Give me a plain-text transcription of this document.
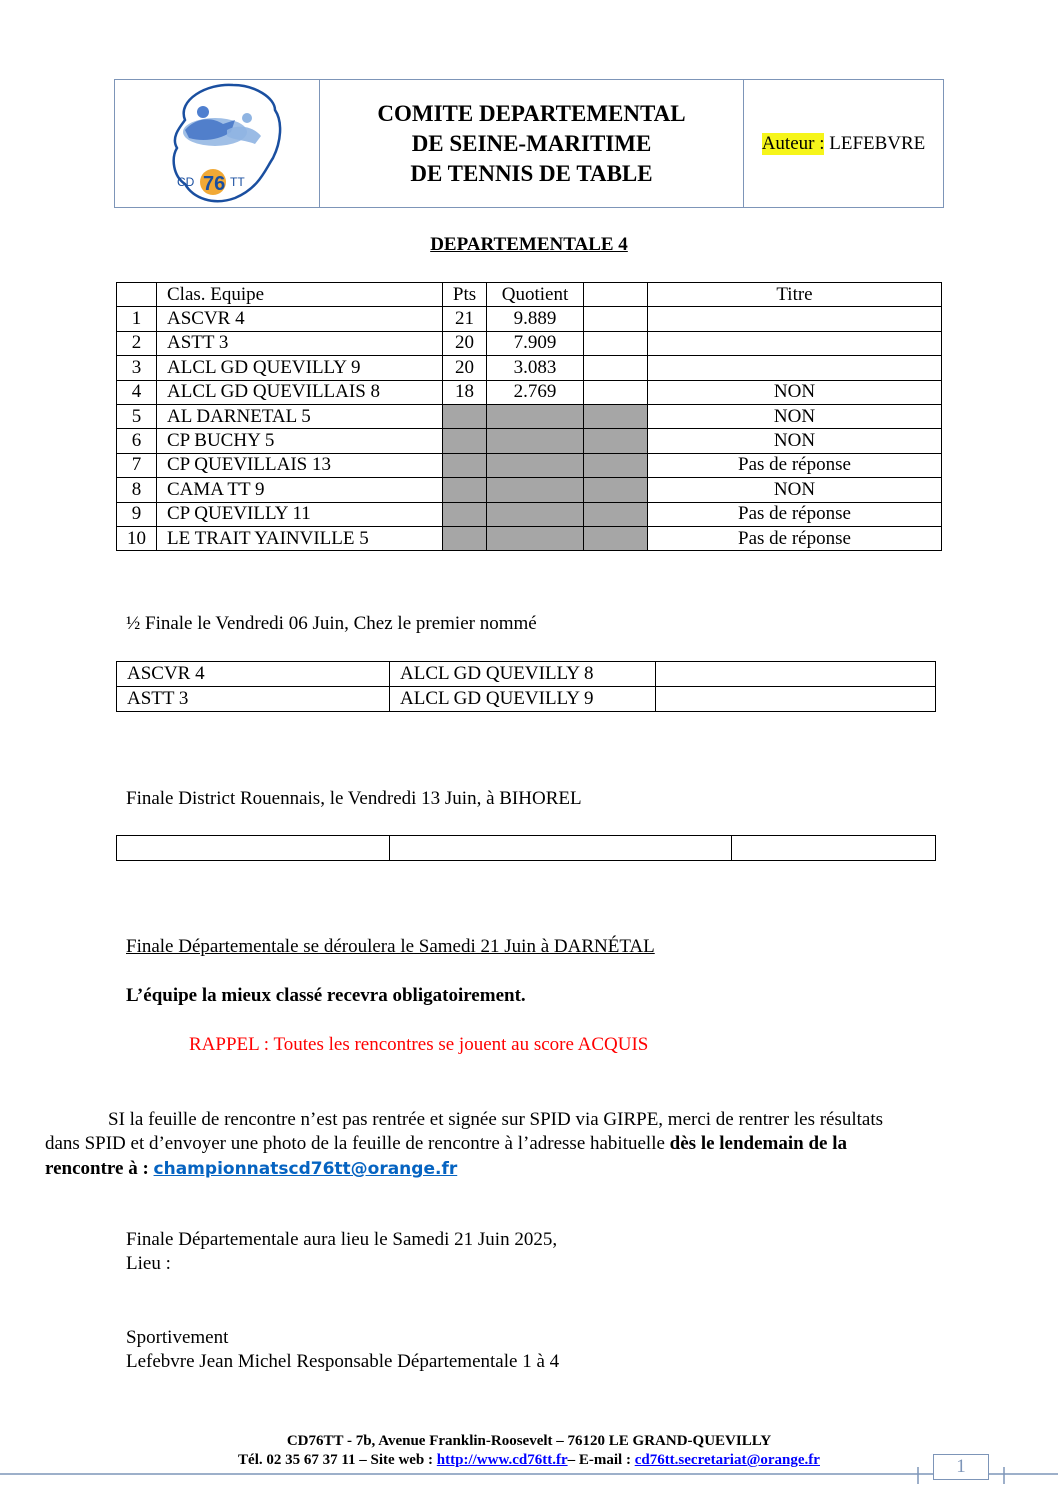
CD 76 TT
COMITE DEPARTEMENTAL
DE SEINE-MARITIME
DE TENNIS DE TABLE
Auteur :
LEFEBVRE
DEPARTEMENTALE 4
	Clas. Equipe	Pts	Quotient		Titre
1	ASCVR 4	21	9.889		
2	ASTT 3	20	7.909		
3	ALCL GD QUEVILLY 9	20	3.083		
4	ALCL GD QUEVILLAIS 8	18	2.769		NON
5	AL DARNETAL 5				NON
6	CP BUCHY 5				NON
7	CP QUEVILLAIS 13				Pas de réponse
8	CAMA TT 9				NON
9	CP QUEVILLY 11				Pas de réponse
10	LE TRAIT YAINVILLE 5				Pas de réponse
½ Finale le Vendredi 06 Juin, Chez le premier nommé
ASCVR 4	ALCL GD QUEVILLY 8	
ASTT 3	ALCL GD QUEVILLY 9	
Finale District Rouennais, le Vendredi 13 Juin, à BIHOREL

Finale Départementale se déroulera le Samedi 21 Juin à DARNÉTAL
L’équipe la mieux classé recevra obligatoirement.
RAPPEL : Toutes les rencontres se jouent au score ACQUIS
SI la feuille de rencontre n’est pas rentrée et signée sur SPID via GIRPE, merci de rentrer les résultats
dans SPID et d’envoyer une photo de la feuille de rencontre à l’adresse habituelle dès le lendemain de la
rencontre à : championnatscd76tt@orange.fr
Finale Départementale aura lieu le Samedi 21 Juin 2025,
Lieu :
Sportivement
Lefebvre Jean Michel Responsable Départementale 1 à 4
CD76TT - 7b, Avenue Franklin-Roosevelt – 76120 LE GRAND-QUEVILLY
Tél. 02 35 67 37 11 – Site web : http://www.cd76tt.fr– E-mail : cd76tt.secretariat@orange.fr	1
